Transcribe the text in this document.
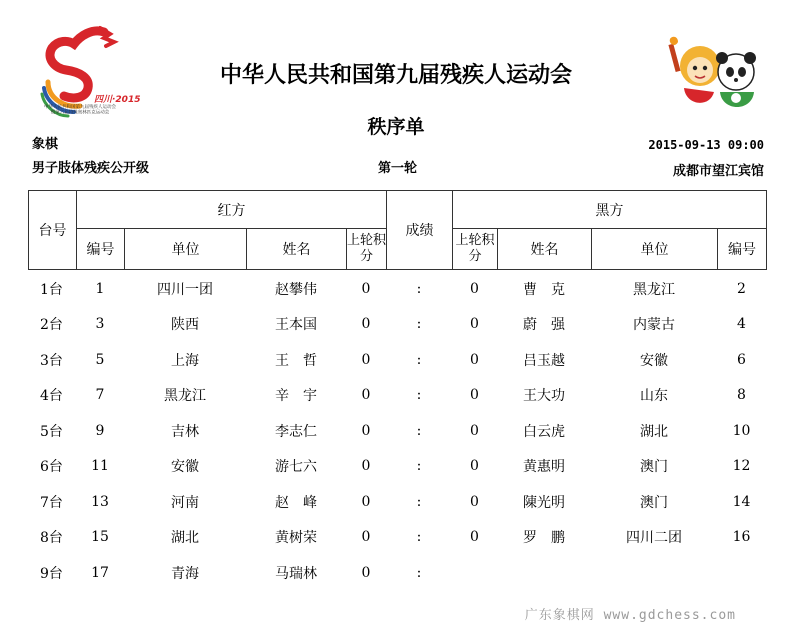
四川·2015
中华人民共和国第九届残疾人运动会
暨第六届特殊奥林匹克运动会
中华人民共和国第九届残疾人运动会
秩序单
象棋
男子肢体残疾公开级	第一轮
2015-09-13 09:00
成都市望江宾馆
台号	红方				成绩	黑方			
	编号	单位	姓名	上轮积分		上轮积分	姓名	单位	编号
1台	1	四川一团	赵攀伟	0	:	0	曹　克	黑龙江	2
2台	3	陕西	王本国	0	:	0	蔚　强	内蒙古	4
3台	5	上海	王　哲	0	:	0	吕玉越	安徽	6
4台	7	黑龙江	辛　宇	0	:	0	王大功	山东	8
5台	9	吉林	李志仁	0	:	0	白云虎	湖北	10
6台	11	安徽	游七六	0	:	0	黄惠明	澳门	12
7台	13	河南	赵　峰	0	:	0	陳光明	澳门	14
8台	15	湖北	黄树荣	0	:	0	罗　鹏	四川二团	16
9台	17	青海	马瑞林	0	:				
广东象棋网 www.gdchess.com
